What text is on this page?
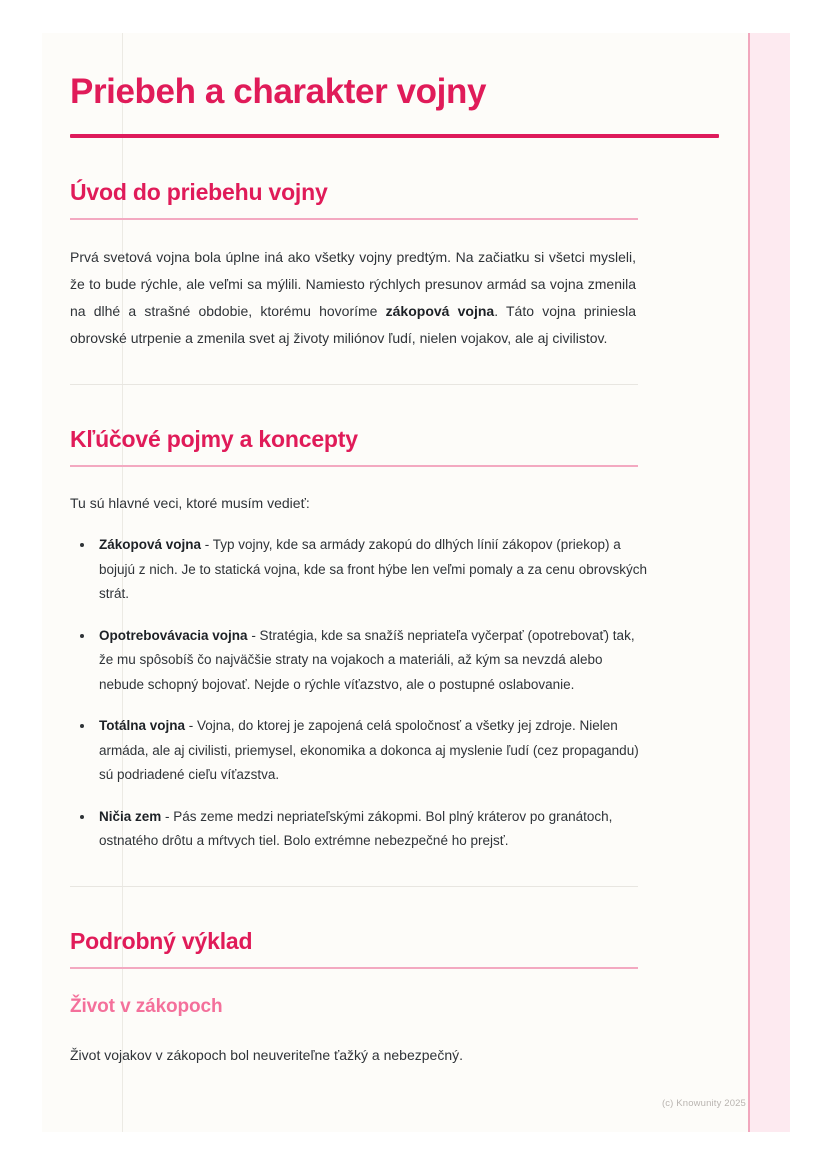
Priebeh a charakter vojny
Úvod do priebehu vojny

Prvá svetová vojna bola úplne iná ako všetky vojny predtým. Na začiatku si všetci mysleli, že to bude rýchle, ale veľmi sa mýlili. Namiesto rýchlych presunov armád sa vojna zmenila na dlhé a strašné obdobie, ktorému hovoríme zákopová vojna. Táto vojna priniesla obrovské utrpenie a zmenila svet aj životy miliónov ľudí, nielen vojakov, ale aj civilistov.

Kľúčové pojmy a koncepty

Tu sú hlavné veci, ktoré musím vedieť:

Zákopová vojna - Typ vojny, kde sa armády zakopú do dlhých línií zákopov (priekop) a bojujú z nich. Je to statická vojna, kde sa front hýbe len veľmi pomaly a za cenu obrovských strát.
Opotrebovávacia vojna - Stratégia, kde sa snažíš nepriateľa vyčerpať (opotrebovať) tak, že mu spôsobíš čo najväčšie straty na vojakoch a materiáli, až kým sa nevzdá alebo nebude schopný bojovať. Nejde o rýchle víťazstvo, ale o postupné oslabovanie.
Totálna vojna - Vojna, do ktorej je zapojená celá spoločnosť a všetky jej zdroje. Nielen armáda, ale aj civilisti, priemysel, ekonomika a dokonca aj myslenie ľudí (cez propagandu) sú podriadené cieľu víťazstva.
Ničia zem - Pás zeme medzi nepriateľskými zákopmi. Bol plný kráterov po granátoch, ostnatého drôtu a mŕtvych tiel. Bolo extrémne nebezpečné ho prejsť.
Podrobný výklad
Život v zákopoch

Život vojakov v zákopoch bol neuveriteľne ťažký a nebezpečný.

(c) Knowunity 2025
